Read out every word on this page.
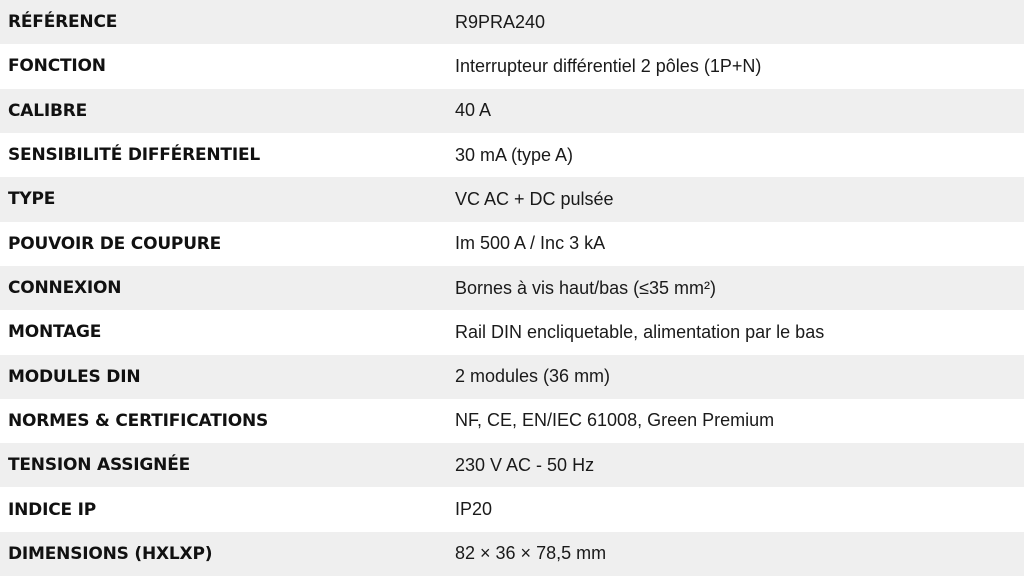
RÉFÉRENCE	R9PRA240
FONCTION	Interrupteur différentiel 2 pôles (1P+N)
CALIBRE	40 A
SENSIBILITÉ DIFFÉRENTIEL	30 mA (type A)
TYPE	VC AC + DC pulsée
POUVOIR DE COUPURE	Im 500 A / Inc 3 kA
CONNEXION	Bornes à vis haut/bas (≤35 mm²)
MONTAGE	Rail DIN encliquetable, alimentation par le bas
MODULES DIN	2 modules (36 mm)
NORMES & CERTIFICATIONS	NF, CE, EN/IEC 61008, Green Premium
TENSION ASSIGNÉE	230 V AC - 50 Hz
INDICE IP	IP20
DIMENSIONS (HXLXP)	82 × 36 × 78,5 mm
